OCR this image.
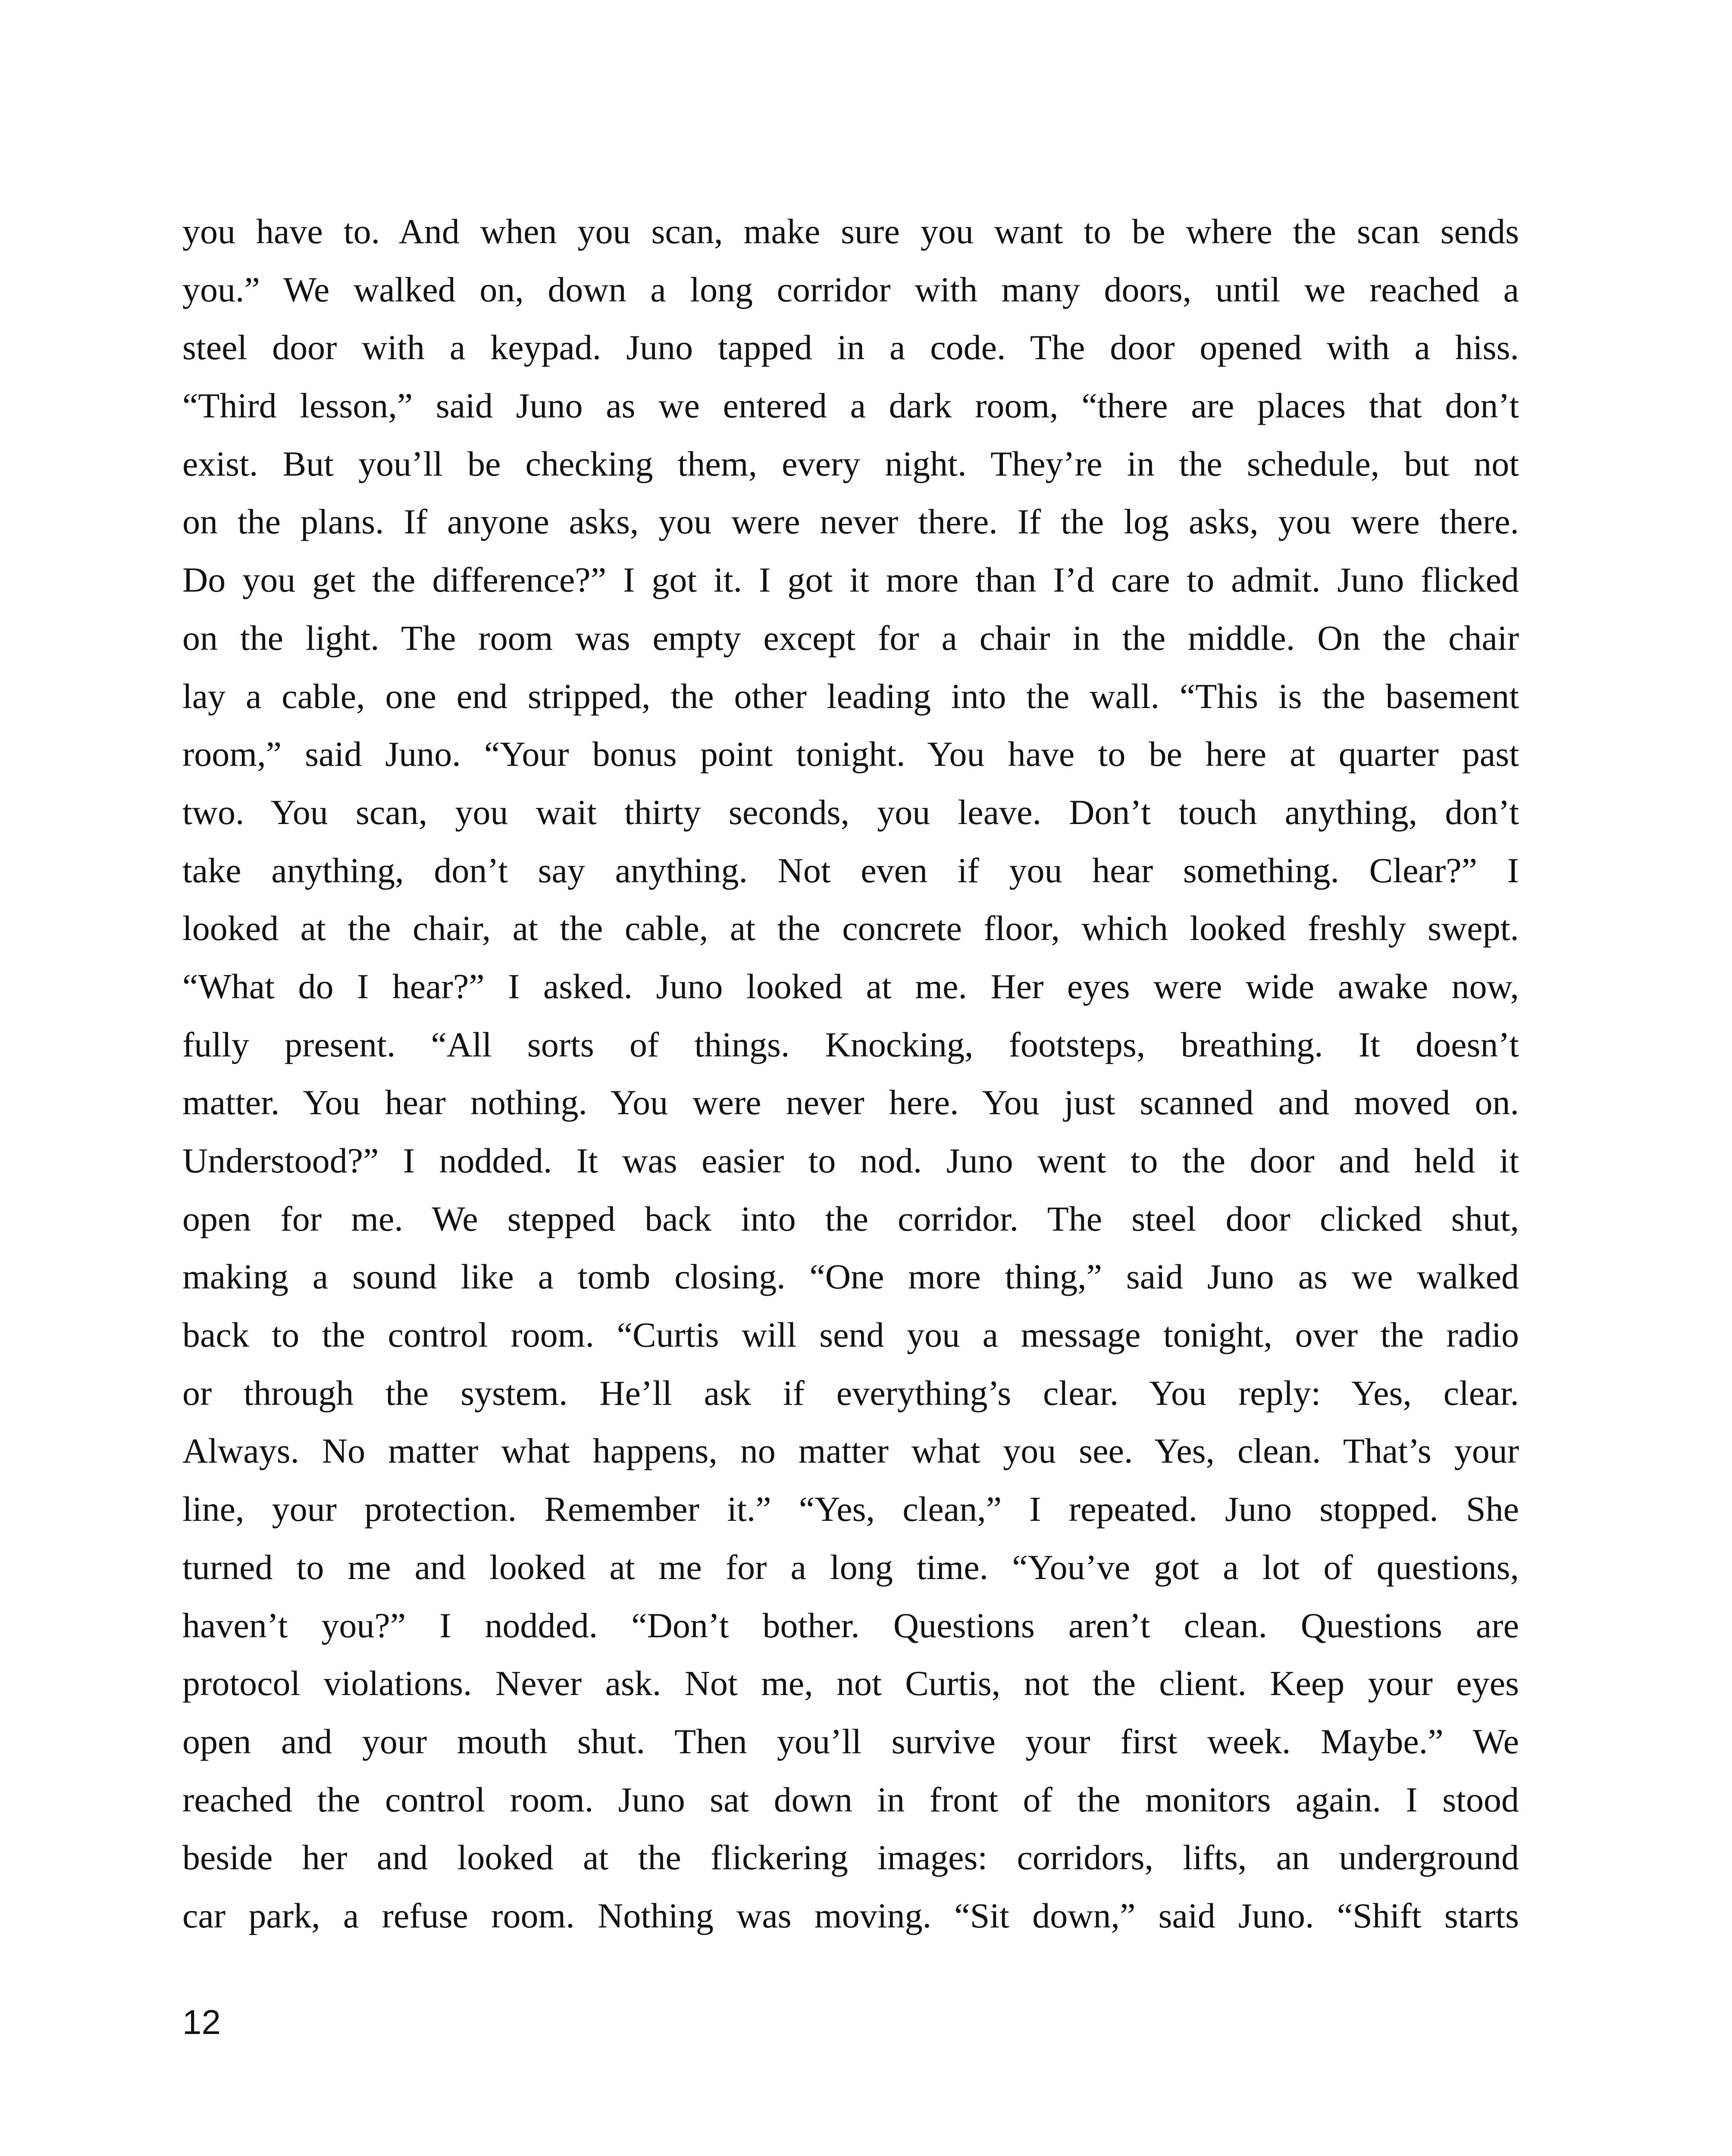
you have to. And when you scan, make sure you want to be where the scan sends
you.” We walked on, down a long corridor with many doors, until we reached a
steel door with a keypad. Juno tapped in a code. The door opened with a hiss.
“Third lesson,” said Juno as we entered a dark room, “there are places that don’t
exist. But you’ll be checking them, every night. They’re in the schedule, but not
on the plans. If anyone asks, you were never there. If the log asks, you were there.
Do you get the difference?” I got it. I got it more than I’d care to admit. Juno flicked
on the light. The room was empty except for a chair in the middle. On the chair
lay a cable, one end stripped, the other leading into the wall. “This is the basement
room,” said Juno. “Your bonus point tonight. You have to be here at quarter past
two. You scan, you wait thirty seconds, you leave. Don’t touch anything, don’t
take anything, don’t say anything. Not even if you hear something. Clear?” I
looked at the chair, at the cable, at the concrete floor, which looked freshly swept.
“What do I hear?” I asked. Juno looked at me. Her eyes were wide awake now,
fully present. “All sorts of things. Knocking, footsteps, breathing. It doesn’t
matter. You hear nothing. You were never here. You just scanned and moved on.
Understood?” I nodded. It was easier to nod. Juno went to the door and held it
open for me. We stepped back into the corridor. The steel door clicked shut,
making a sound like a tomb closing. “One more thing,” said Juno as we walked
back to the control room. “Curtis will send you a message tonight, over the radio
or through the system. He’ll ask if everything’s clear. You reply: Yes, clear.
Always. No matter what happens, no matter what you see. Yes, clean. That’s your
line, your protection. Remember it.” “Yes, clean,” I repeated. Juno stopped. She
turned to me and looked at me for a long time. “You’ve got a lot of questions,
haven’t you?” I nodded. “Don’t bother. Questions aren’t clean. Questions are
protocol violations. Never ask. Not me, not Curtis, not the client. Keep your eyes
open and your mouth shut. Then you’ll survive your first week. Maybe.” We
reached the control room. Juno sat down in front of the monitors again. I stood
beside her and looked at the flickering images: corridors, lifts, an underground
car park, a refuse room. Nothing was moving. “Sit down,” said Juno. “Shift starts
12
